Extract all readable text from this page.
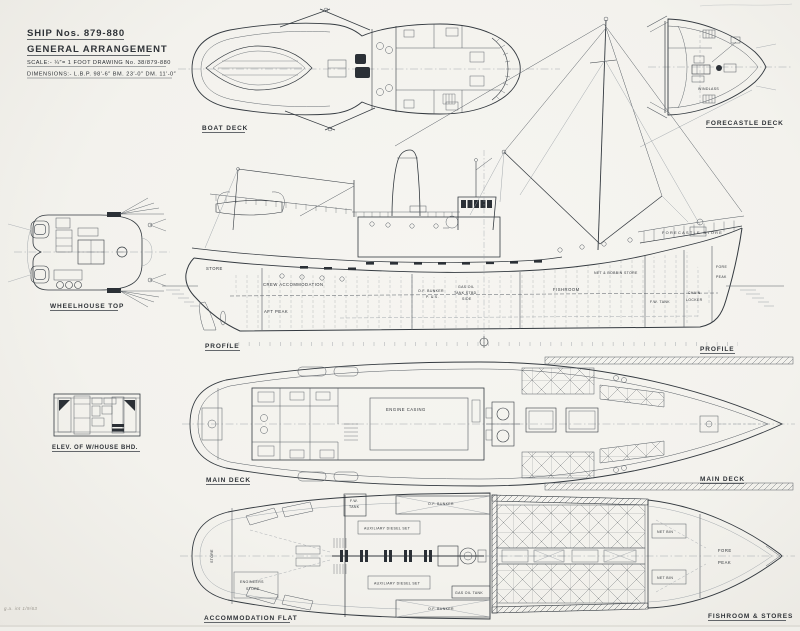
SHIP Nos. 879-880
GENERAL ARRANGEMENT
SCALE:- ¼″= 1 FOOT DRAWING No. 38/879-880
DIMENSIONS:- L.B.P. 98′-6″ BM. 23′-0″ DM. 11′-0″
BOAT DECK
WINDLASS
FORECASTLE DECK
WHEELHOUSE TOP
STORE
CREW ACCOMMODATION
AFT PEAK
O.F. BUNKER
P. & S.
GAS OIL
TANK STBD.
SIDE
FISHROOM
NET & BOBBIN STORE
FORE
PEAK
F.W. TANK
CHAIN
LOCKER
FORECASTLE STORE
PROFILE	PROFILE
ELEV. OF W/HOUSE BHD.
ENGINE CASING
MAIN DECK	MAIN DECK
O.F. BUNKER
F.W.
TANK
AUXILIARY DIESEL SET
AUXILIARY DIESEL SET
GAS OIL TANK
O.F. BUNKER
STORE
ENGINEERS
STORE
ACCOMMODATION FLAT
NET BIN
NET BIN
FORE
PEAK
FISHROOM & STORES
g.a. int 1/9/63
